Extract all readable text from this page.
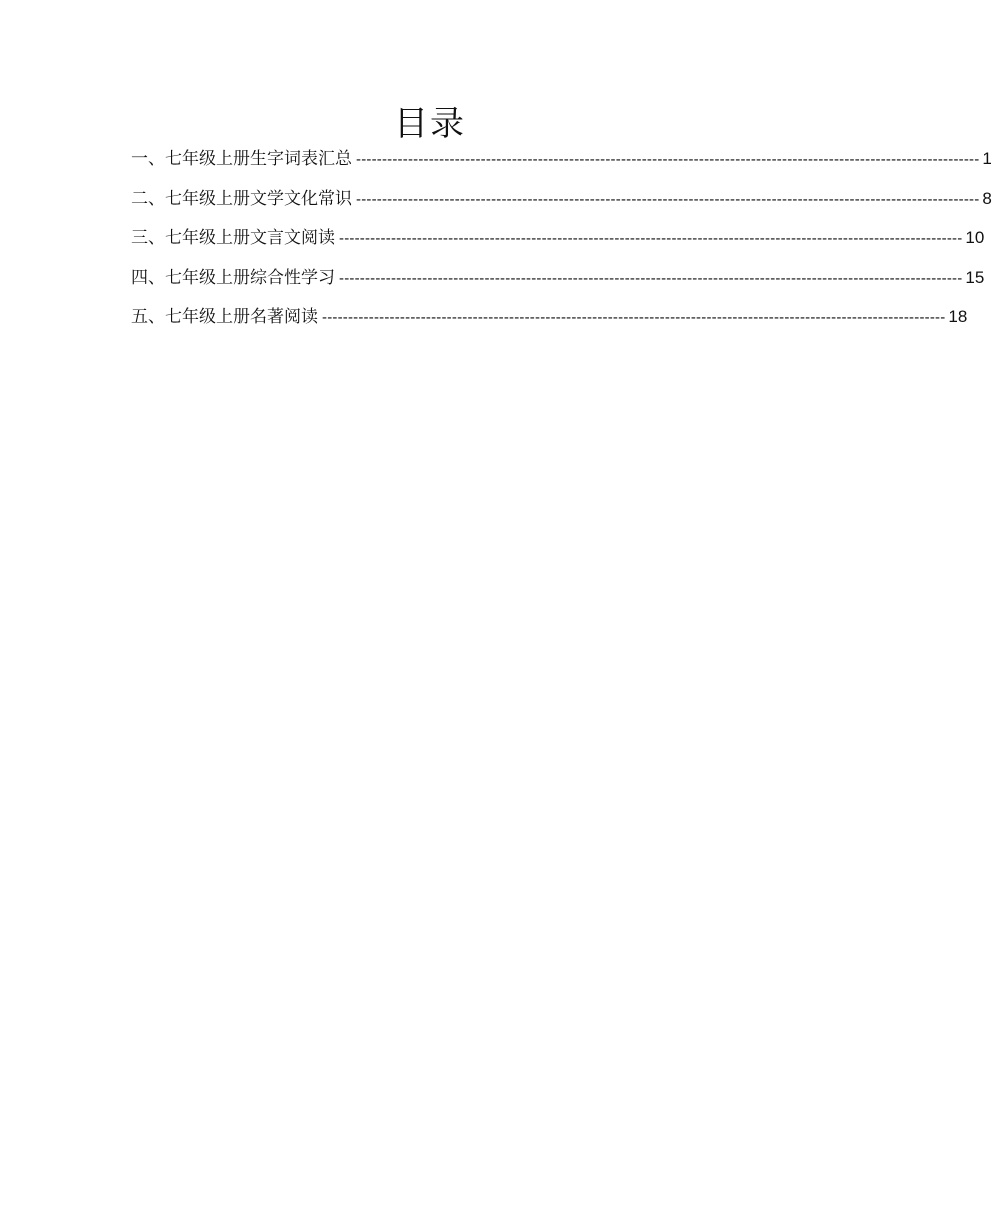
目录
一、七年级上册生字词表汇总 ------------------------------------------------------------------------------------------------------------------------ 1
二、七年级上册文学文化常识 ------------------------------------------------------------------------------------------------------------------------ 8
三、七年级上册文言文阅读 ------------------------------------------------------------------------------------------------------------------------ 10
四、七年级上册综合性学习 ------------------------------------------------------------------------------------------------------------------------ 15
五、七年级上册名著阅读 ------------------------------------------------------------------------------------------------------------------------ 18
